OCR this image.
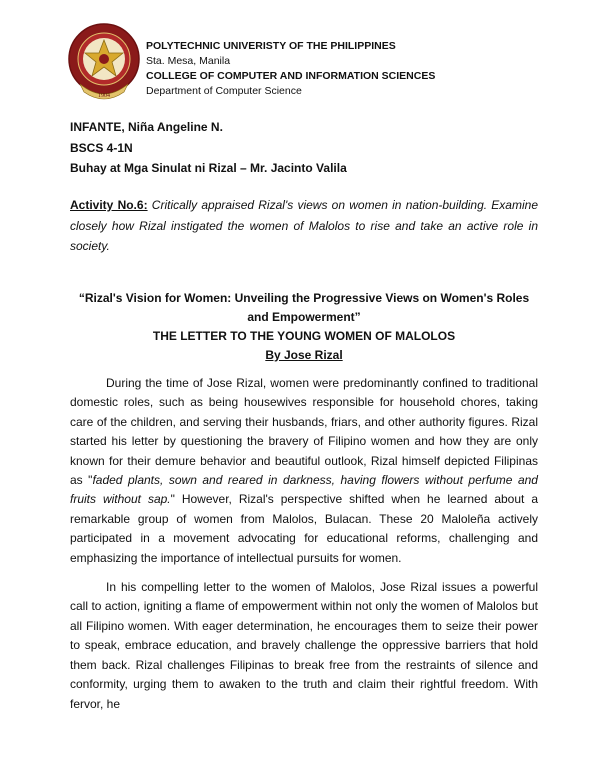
1904
POLYTECHNIC UNIVERISTY OF THE PHILIPPINES
Sta. Mesa, Manila
COLLEGE OF COMPUTER AND INFORMATION SCIENCES
Department of Computer Science
INFANTE, Niña Angeline N.
BSCS 4-1N
Buhay at Mga Sinulat ni Rizal – Mr. Jacinto Valila
Activity No.6: Critically appraised Rizal's views on women in nation-building. Examine closely how Rizal instigated the women of Malolos to rise and take an active role in society.
“Rizal's Vision for Women: Unveiling the Progressive Views on Women's Roles and Empowerment”
THE LETTER TO THE YOUNG WOMEN OF MALOLOS
By Jose Rizal

During the time of Jose Rizal, women were predominantly confined to traditional domestic roles, such as being housewives responsible for household chores, taking care of the children, and serving their husbands, friars, and other authority figures. Rizal started his letter by questioning the bravery of Filipino women and how they are only known for their demure behavior and beautiful outlook, Rizal himself depicted Filipinas as "faded plants, sown and reared in darkness, having flowers without perfume and fruits without sap." However, Rizal's perspective shifted when he learned about a remarkable group of women from Malolos, Bulacan. These 20 Maloleña actively participated in a movement advocating for educational reforms, challenging and emphasizing the importance of intellectual pursuits for women.

In his compelling letter to the women of Malolos, Jose Rizal issues a powerful call to action, igniting a flame of empowerment within not only the women of Malolos but all Filipino women. With eager determination, he encourages them to seize their power to speak, embrace education, and bravely challenge the oppressive barriers that hold them back. Rizal challenges Filipinas to break free from the restraints of silence and conformity, urging them to awaken to the truth and claim their rightful freedom. With fervor, he
